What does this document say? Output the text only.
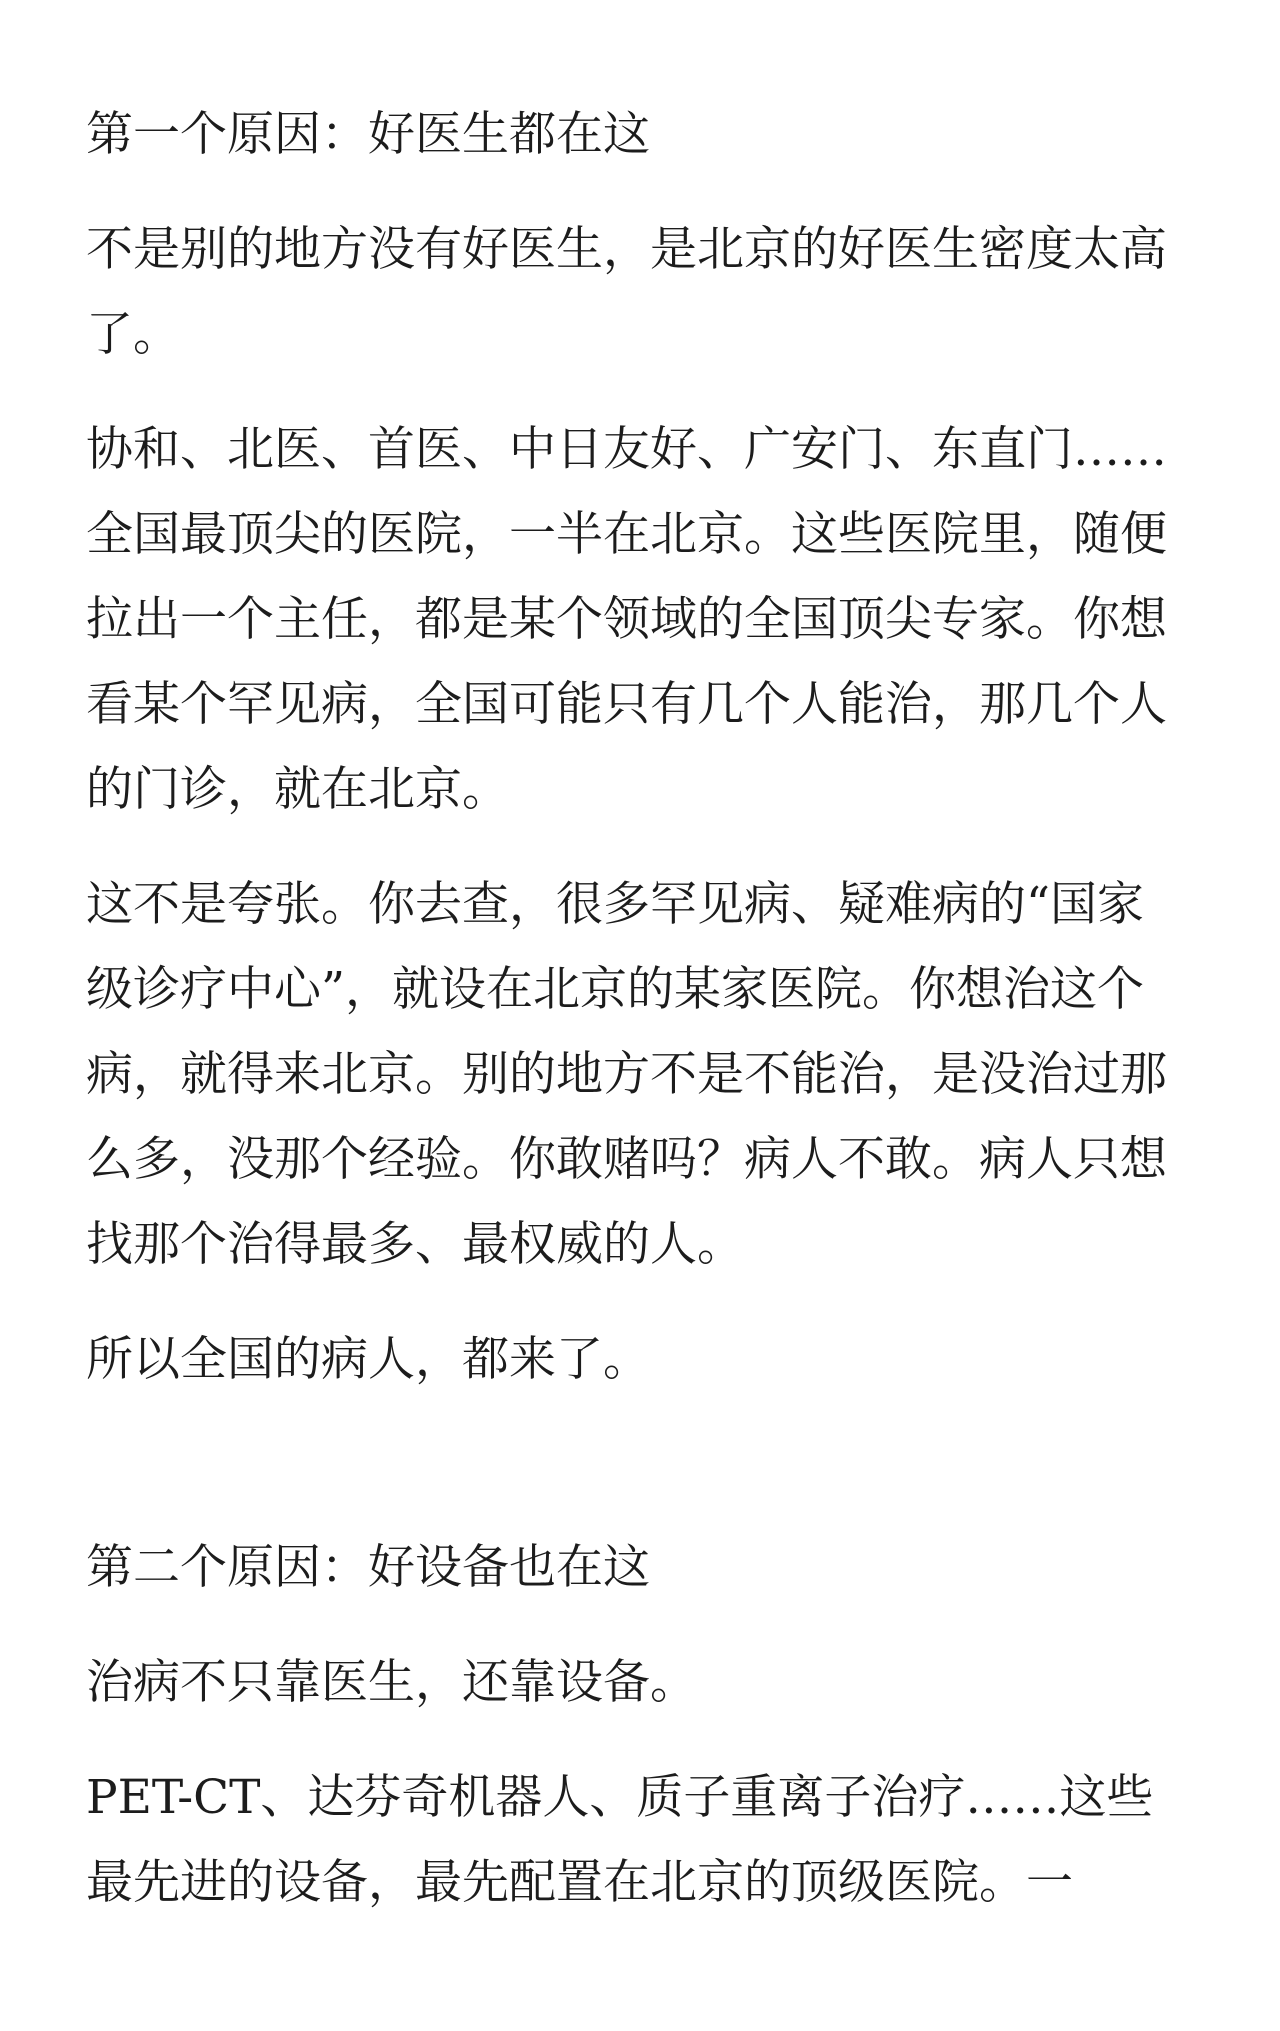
第一个原因：好医生都在这

不是别的地方没有好医生，是北京的好医生密度太高了。

协和、北医、首医、中日友好、广安门、东直门……全国最顶尖的医院，一半在北京。这些医院里，随便拉出一个主任，都是某个领域的全国顶尖专家。你想看某个罕见病，全国可能只有几个人能治，那几个人的门诊，就在北京。

这不是夸张。你去查，很多罕见病、疑难病的“国家级诊疗中心”，就设在北京的某家医院。你想治这个病，就得来北京。别的地方不是不能治，是没治过那么多，没那个经验。你敢赌吗？病人不敢。病人只想找那个治得最多、最权威的人。

所以全国的病人，都来了。

第二个原因：好设备也在这

治病不只靠医生，还靠设备。

PET-CT、达芬奇机器人、质子重离子治疗……这些最先进的设备，最先配置在北京的顶级医院。一
